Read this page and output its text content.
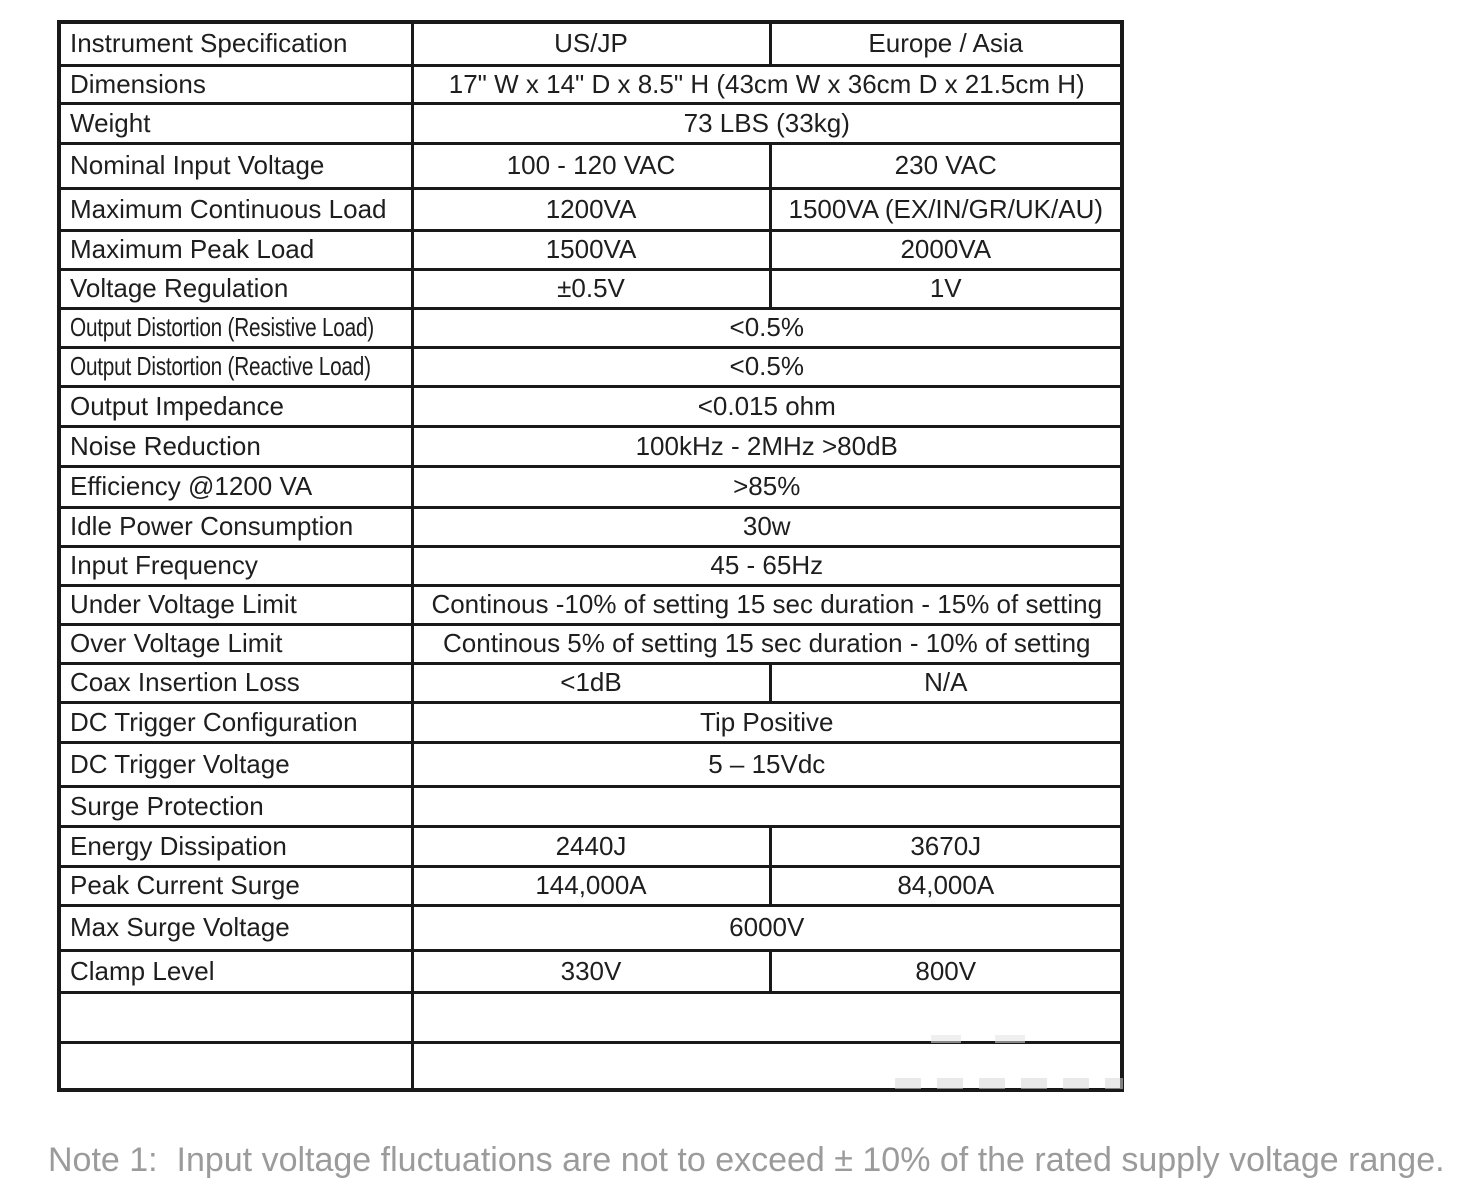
Instrument Specification	US/JP	Europe / Asia
Dimensions	17" W x 14" D x 8.5" H (43cm W x 36cm D x 21.5cm H)	
Weight	73 LBS (33kg)	
Nominal Input Voltage	100 - 120 VAC	230 VAC
Maximum Continuous Load	1200VA	1500VA (EX/IN/GR/UK/AU)
Maximum Peak Load	1500VA	2000VA
Voltage Regulation	±0.5V	1V
Output Distortion (Resistive Load)	<0.5%	
Output Distortion (Reactive Load)	<0.5%	
Output Impedance	<0.015 ohm	
Noise Reduction	100kHz - 2MHz >80dB	
Efficiency @1200 VA	>85%	
Idle Power Consumption	30w	
Input Frequency	45 - 65Hz	
Under Voltage Limit	Continous -10% of setting 15 sec duration - 15% of setting	
Over Voltage Limit	Continous 5% of setting 15 sec duration - 10% of setting	
Coax Insertion Loss	<1dB	N/A
DC Trigger Configuration	Tip Positive	
DC Trigger Voltage	5 – 15Vdc	
Surge Protection		
Energy Dissipation	2440J	3670J
Peak Current Surge	144,000A	84,000A
Max Surge Voltage	6000V	
Clamp Level	330V	800V

Note 1:  Input voltage fluctuations are not to exceed ± 10% of the rated supply voltage range.
